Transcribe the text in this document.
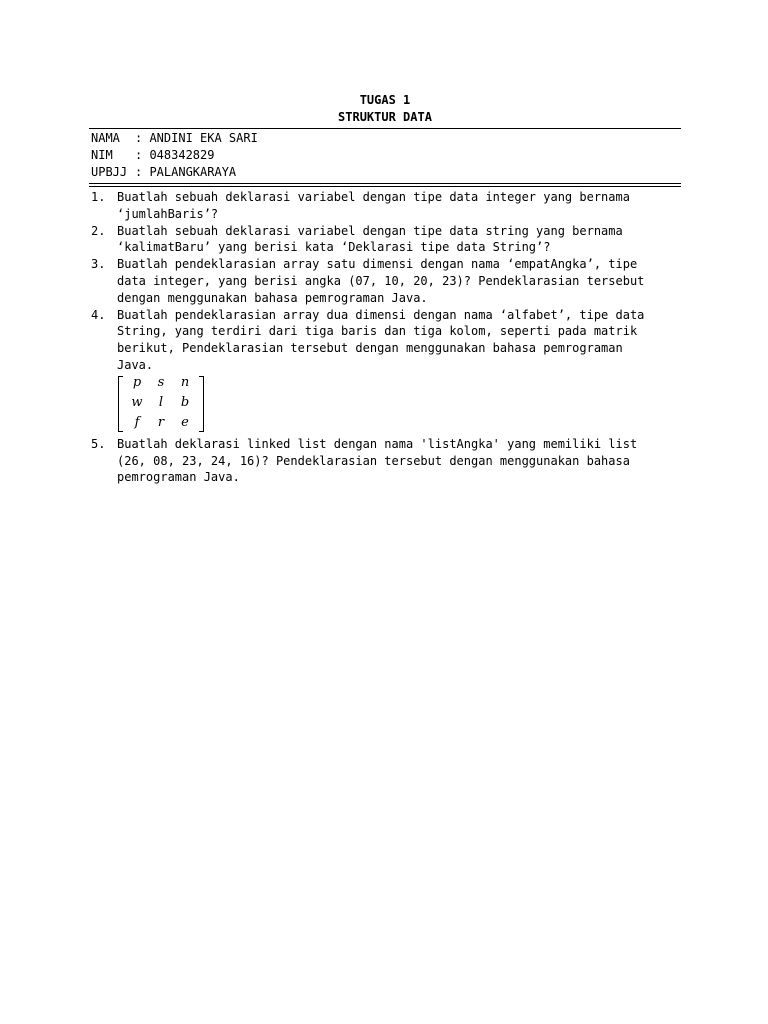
TUGAS 1
STRUKTUR DATA
NAMA : ANDINI EKA SARI
NIM : 048342829
UPBJJ : PALANGKARAYA
1. Buatlah sebuah deklarasi variabel dengan tipe data integer yang bernama
‘jumlahBaris’?
2. Buatlah sebuah deklarasi variabel dengan tipe data string yang bernama
‘kalimatBaru’ yang berisi kata ‘Deklarasi tipe data String’?
3. Buatlah pendeklarasian array satu dimensi dengan nama ‘empatAngka’, tipe
data integer, yang berisi angka (07, 10, 20, 23)? Pendeklarasian tersebut
dengan menggunakan bahasa pemrograman Java.
4. Buatlah pendeklarasian array dua dimensi dengan nama ‘alfabet’, tipe data
String, yang terdiri dari tiga baris dan tiga kolom, seperti pada matrik
berikut, Pendeklarasian tersebut dengan menggunakan bahasa pemrograman
Java.
p	s	n
w	l	b
f	r	e
5. Buatlah deklarasi linked list dengan nama 'listAngka' yang memiliki list
(26, 08, 23, 24, 16)? Pendeklarasian tersebut dengan menggunakan bahasa
pemrograman Java.
